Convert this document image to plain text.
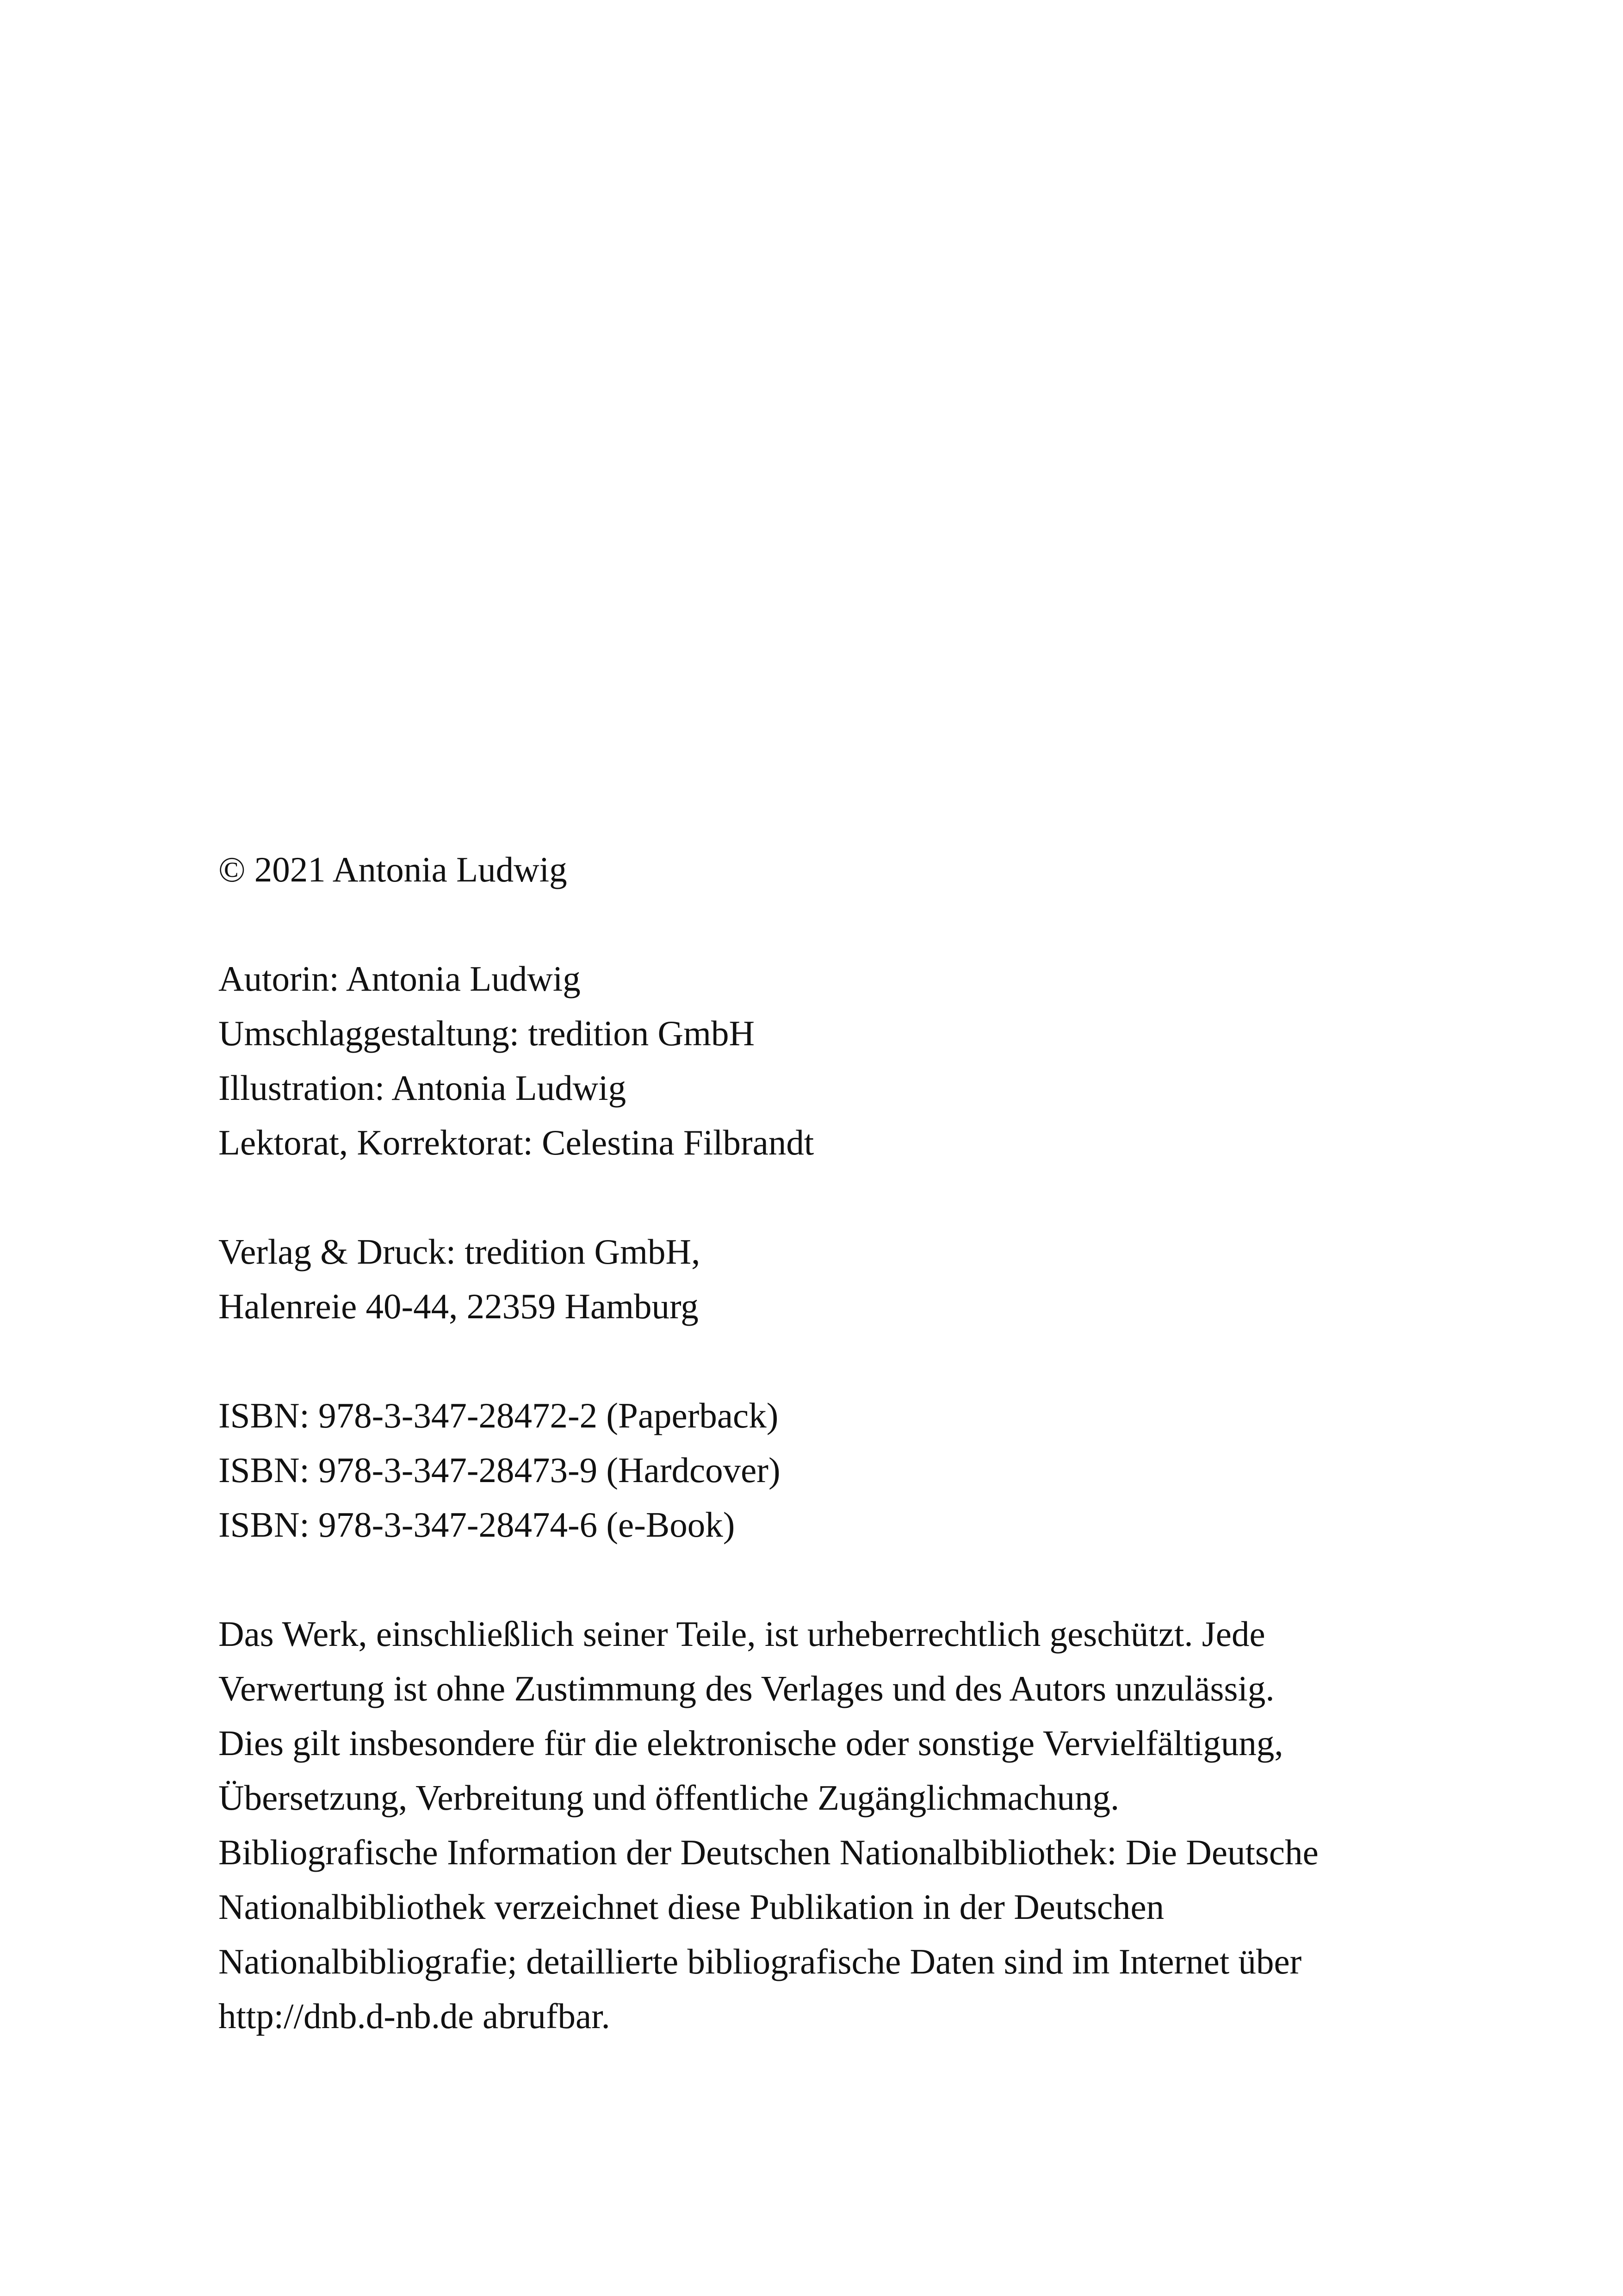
© 2021 Antonia Ludwig
Autorin: Antonia Ludwig
Umschlaggestaltung: tredition GmbH
Illustration: Antonia Ludwig
Lektorat, Korrektorat: Celestina Filbrandt
Verlag & Druck: tredition GmbH,
Halenreie 40-44, 22359 Hamburg
ISBN: 978-3-347-28472-2 (Paperback)
ISBN: 978-3-347-28473-9 (Hardcover)
ISBN: 978-3-347-28474-6 (e-Book)
Das Werk, einschließlich seiner Teile, ist urheberrechtlich geschützt. Jede
Verwertung ist ohne Zustimmung des Verlages und des Autors unzulässig.
Dies gilt insbesondere für die elektronische oder sonstige Vervielfältigung,
Übersetzung, Verbreitung und öffentliche Zugänglichmachung.
Bibliografische Information der Deutschen Nationalbibliothek: Die Deutsche
Nationalbibliothek verzeichnet diese Publikation in der Deutschen
Nationalbibliografie; detaillierte bibliografische Daten sind im Internet über
http://dnb.d-nb.de abrufbar.
